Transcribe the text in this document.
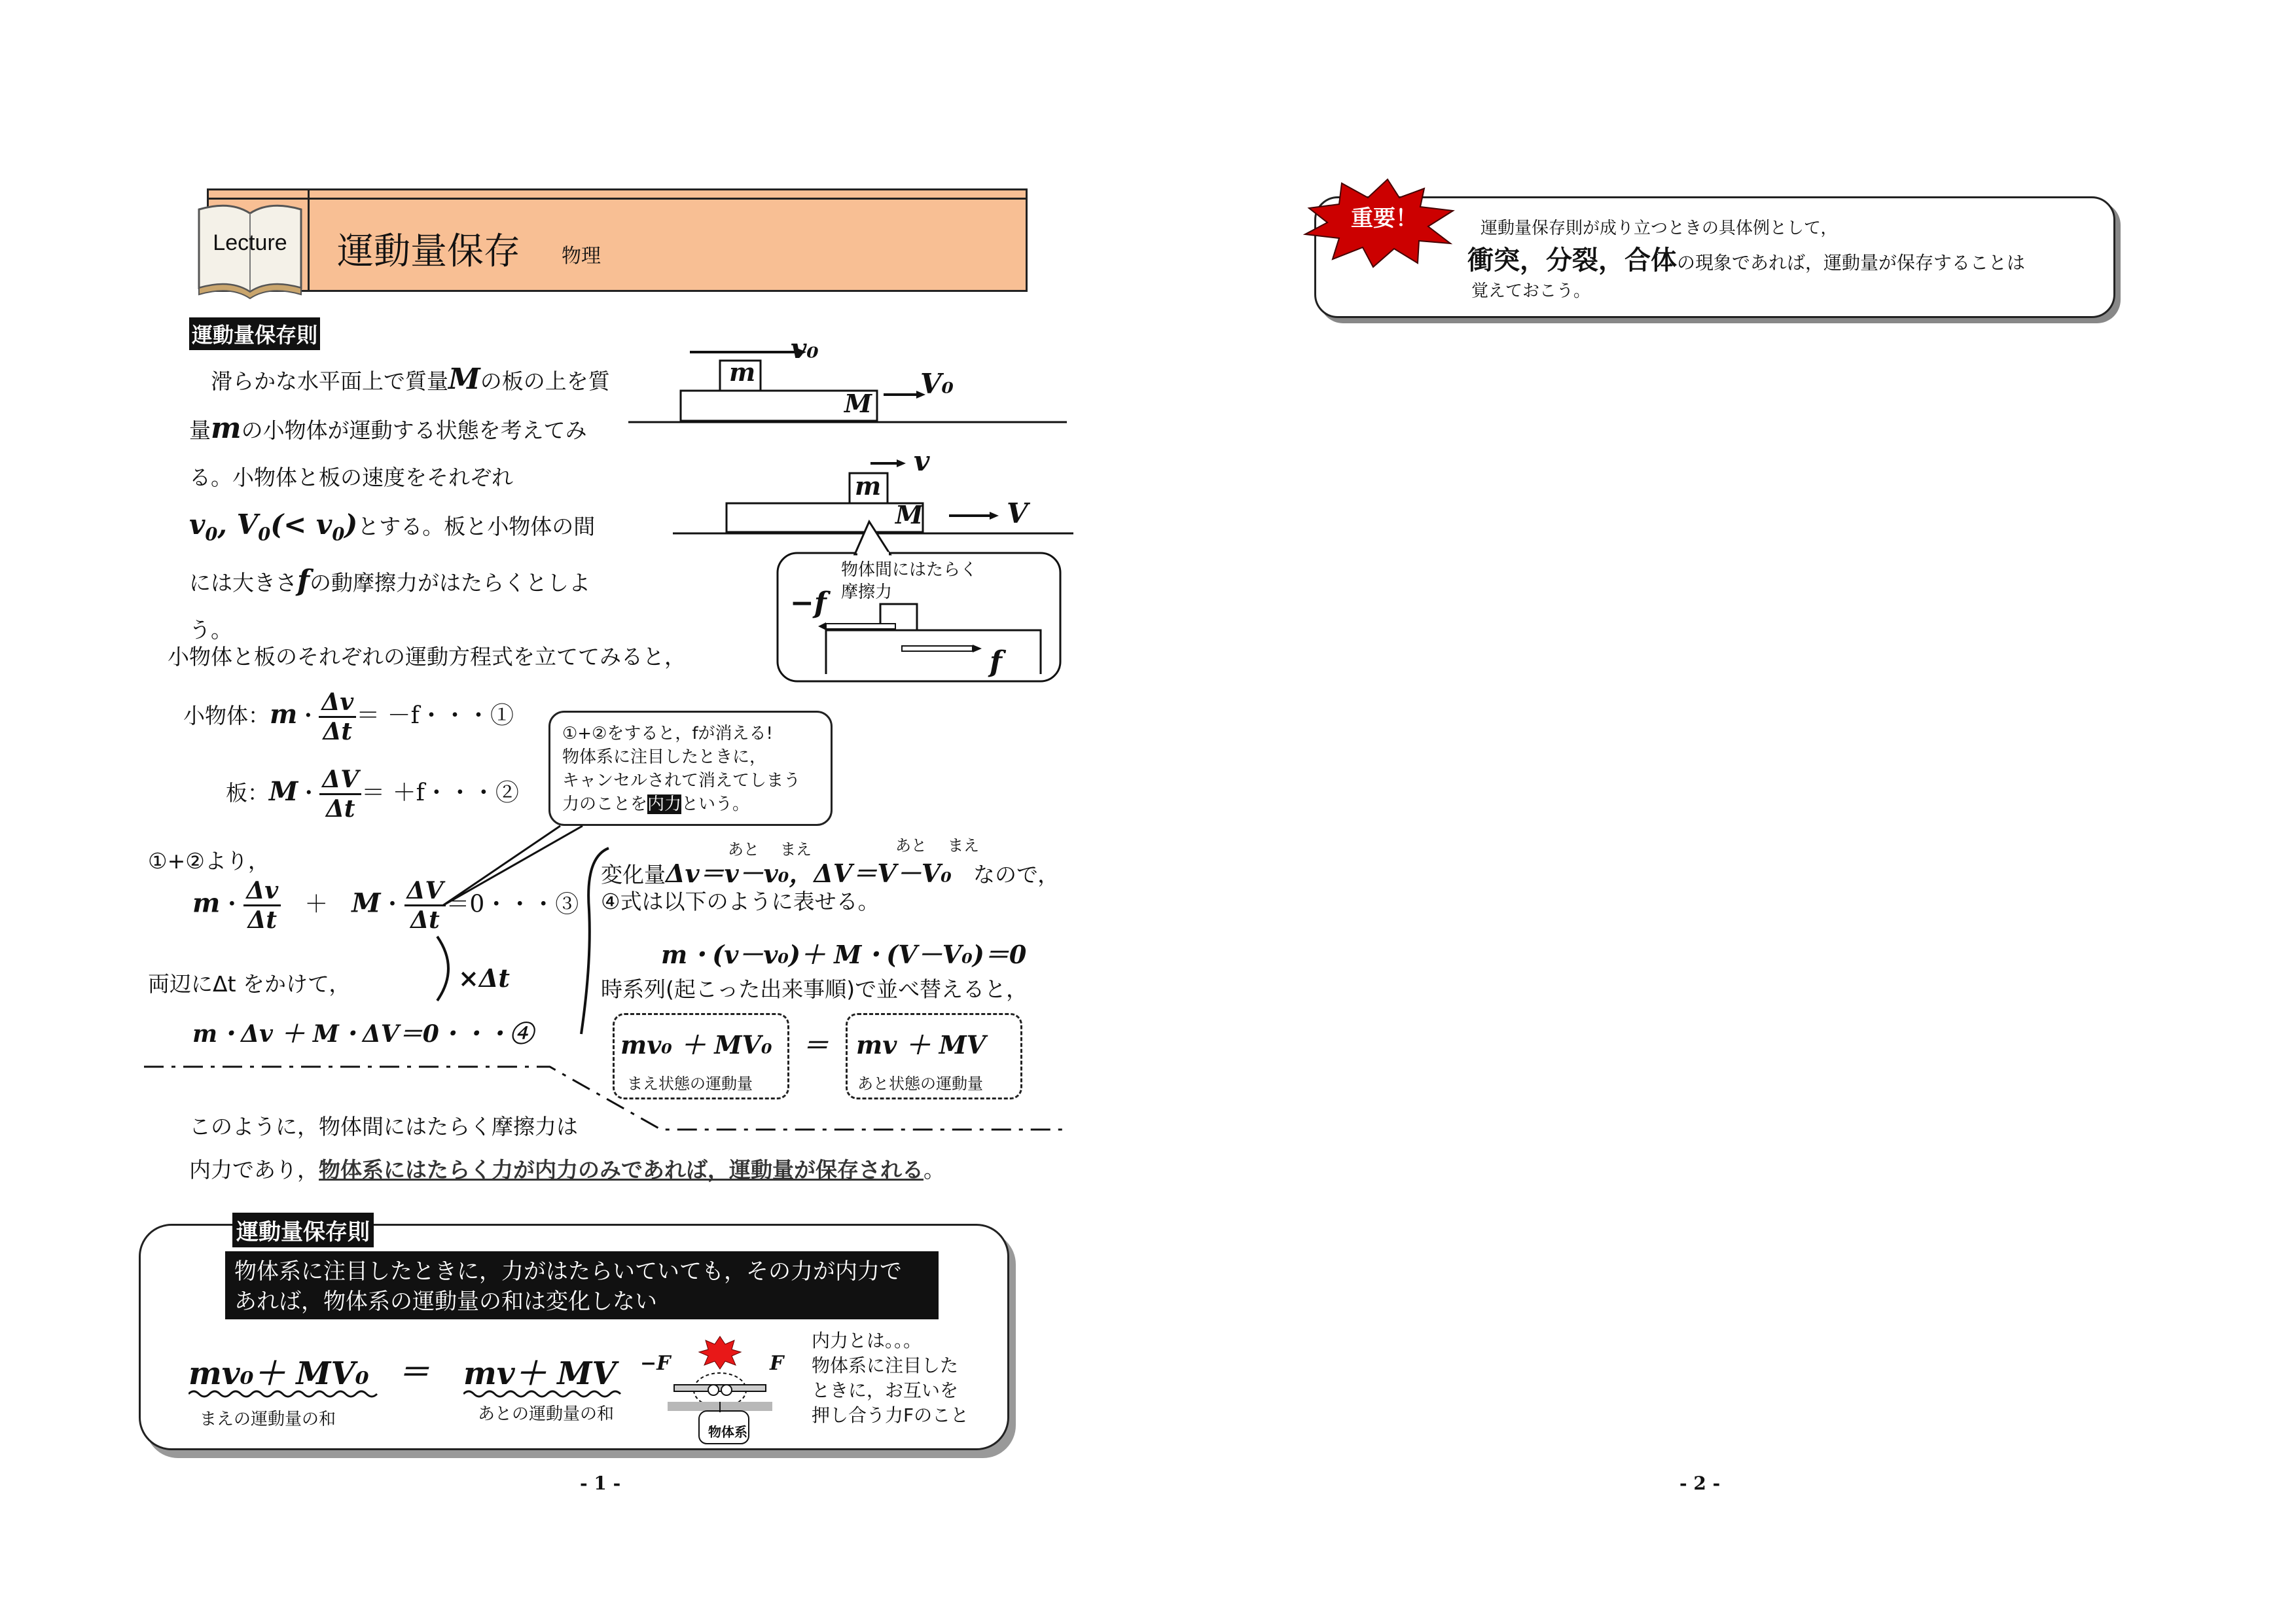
Lecture	運動量保存 物理
運動量保存則
　滑らかな水平面上で質量Mの板の上を質
量mの小物体が運動する状態を考えてみ
る。小物体と板の速度をそれぞれ
$v_0$, $V_0(< v_0)$とする。板と小物体の間
には大きさfの動摩擦力がはたらくとしよ
う。
v₀
m
M
V₀
v
m
M	V
物体間にはたらく
摩擦力
−f
f
小物体と板のそれぞれの運動方程式を立ててみると，
小物体：m・ $\frac{\Delta v}{\Delta t} = -f$・・・①
板：M・ $\frac{\Delta V}{\Delta t} = +f$・・・②
①+②をすると，fが消える!
物体系に注目したときに，
キャンセルされて消えてしまう
力のことを内力という。
①+②より，
m・ $\frac{\Delta v}{\Delta t}$ 　＋　M・ $\frac{\Delta V}{\Delta t} =0$・・・③
両辺にΔt をかけて，	×Δt
m・Δv ＋ M・ΔV＝0・・・④
あと まえ	あと まえ
変化量Δv＝v－v₀，ΔV＝V－V₀　 なので，
④式は以下のように表せる。
m・(v－v₀)＋ M・(V－V₀)＝0
時系列(起こった出来事順)で並べ替えると，
mv₀ ＋ MV₀
まえ状態の運動量
＝ mv ＋ MV
あと状態の運動量
このように，物体間にはたらく摩擦力は
内力であり，物体系にはたらく力が内力のみであれば，運動量が保存される。
運動量保存則
物体系に注目したときに，力がはたらいていても，その力が内力で
あれば，物体系の運動量の和は変化しない
mv₀＋ MV₀ ＝ mv＋ MV
まえの運動量の和	あとの運動量の和
物体系
−F	F
内力とは。。。
物体系に注目した
ときに，お互いを
押し合う力Fのこと
- 1 -
重要！	運動量保存則が成り立つときの具体例として，
衝突，分裂，合体の現象であれば，運動量が保存することは
覚えておこう。
- 2 -
